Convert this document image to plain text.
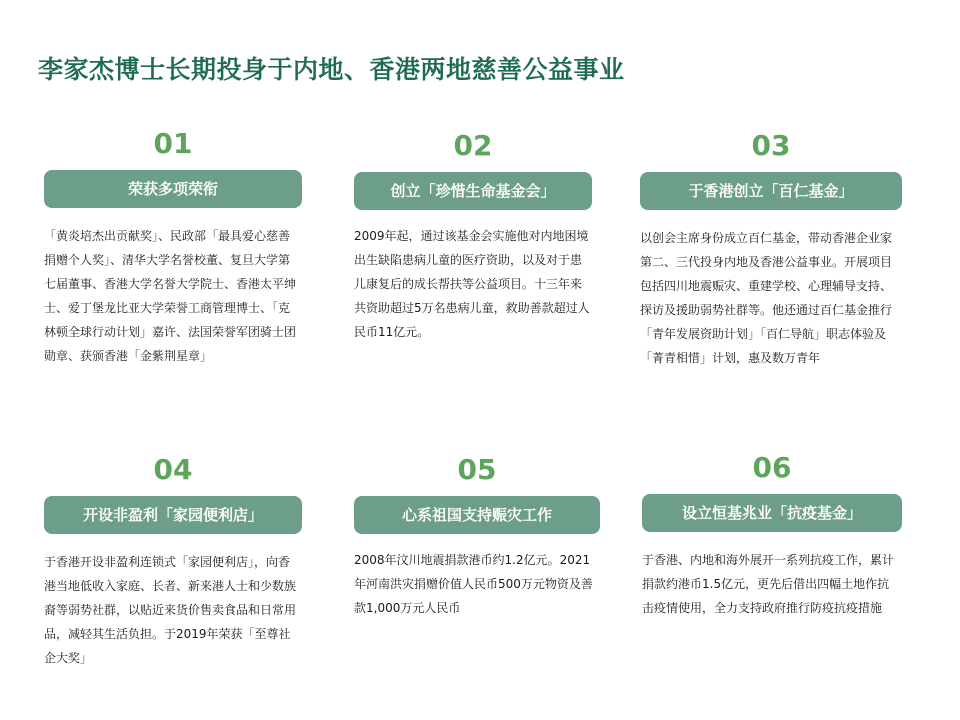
李家杰博士长期投身于内地、香港两地慈善公益事业
01
荣获多项荣衔
「黄炎培杰出贡献奖」、民政部「最具爱心慈善捐赠个人奖」、清华大学名誉校董、复旦大学第七届董事、香港大学名誉大学院士、香港太平绅士、爱丁堡龙比亚大学荣誉工商管理博士、「克林顿全球行动计划」嘉许、法国荣誉军团骑士团勋章、获颁香港「金紫荆星章」
02
创立「珍惜生命基金会」
2009年起，通过该基金会实施他对内地困境出生缺陷患病儿童的医疗资助，以及对于患儿康复后的成长帮扶等公益项目。十三年来共资助超过5万名患病儿童，救助善款超过人民币11亿元。
03
于香港创立「百仁基金」
以创会主席身份成立百仁基金，带动香港企业家第二、三代投身内地及香港公益事业。开展项目包括四川地震赈灾、重建学校、心理辅导支持、探访及援助弱势社群等。他还通过百仁基金推行「青年发展资助计划」「百仁导航」职志体验及「菁青相惜」计划，惠及数万青年
04
开设非盈利「家园便利店」
于香港开设非盈利连锁式「家园便利店」，向香港当地低收入家庭、长者、新来港人士和少数族裔等弱势社群，以贴近来货价售卖食品和日常用品，减轻其生活负担。于2019年荣获「至尊社企大奖」
05
心系祖国支持赈灾工作
2008年汶川地震捐款港币约1.2亿元。2021年河南洪灾捐赠价值人民币500万元物资及善款1,000万元人民币
06
设立恒基兆业「抗疫基金」
于香港、内地和海外展开一系列抗疫工作，累计捐款约港币1.5亿元，更先后借出四幅土地作抗击疫情使用，全力支持政府推行防疫抗疫措施
